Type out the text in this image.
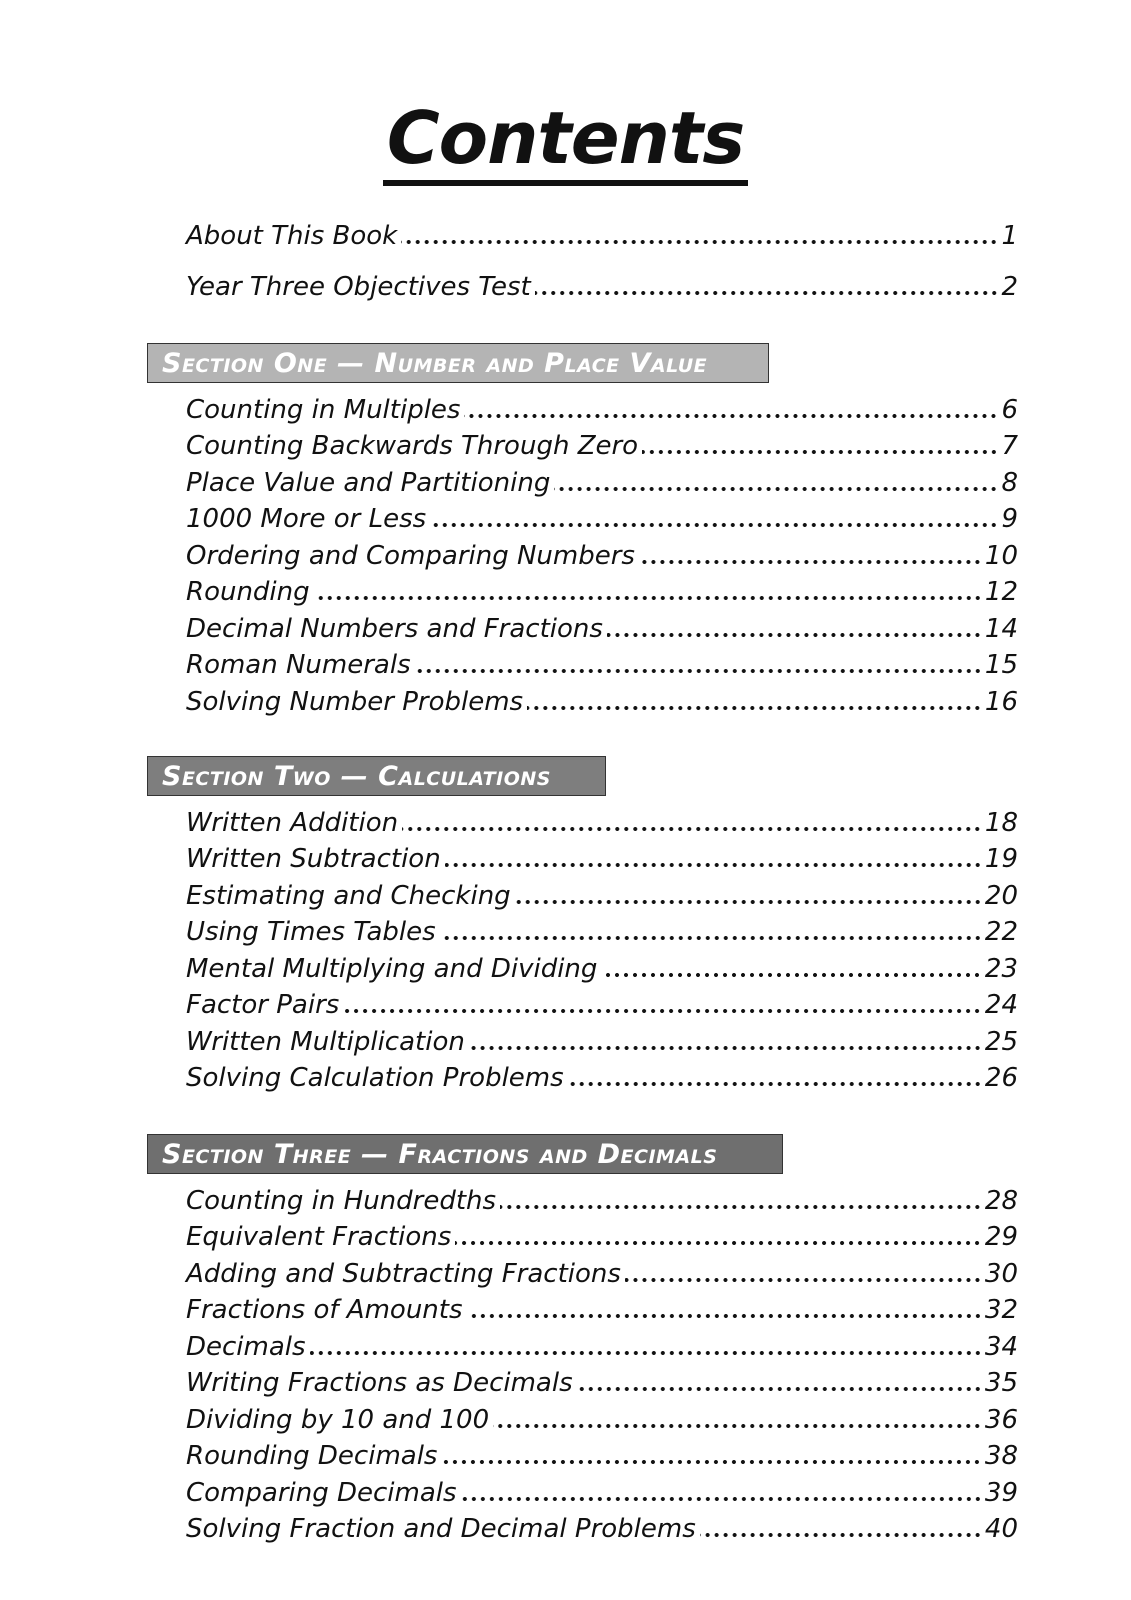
Contents
About This Book	1
Year Three Objectives Test	2
Section One — Number and Place Value
Counting in Multiples	6
Counting Backwards Through Zero	7
Place Value and Partitioning	8
1000 More or Less	9
Ordering and Comparing Numbers	10
Rounding	12
Decimal Numbers and Fractions	14
Roman Numerals	15
Solving Number Problems	16
Section Two — Calculations
Written Addition	18
Written Subtraction	19
Estimating and Checking	20
Using Times Tables	22
Mental Multiplying and Dividing	23
Factor Pairs	24
Written Multiplication	25
Solving Calculation Problems	26
Section Three — Fractions and Decimals
Counting in Hundredths	28
Equivalent Fractions	29
Adding and Subtracting Fractions	30
Fractions of Amounts	32
Decimals	34
Writing Fractions as Decimals	35
Dividing by 10 and 100	36
Rounding Decimals	38
Comparing Decimals	39
Solving Fraction and Decimal Problems	40
